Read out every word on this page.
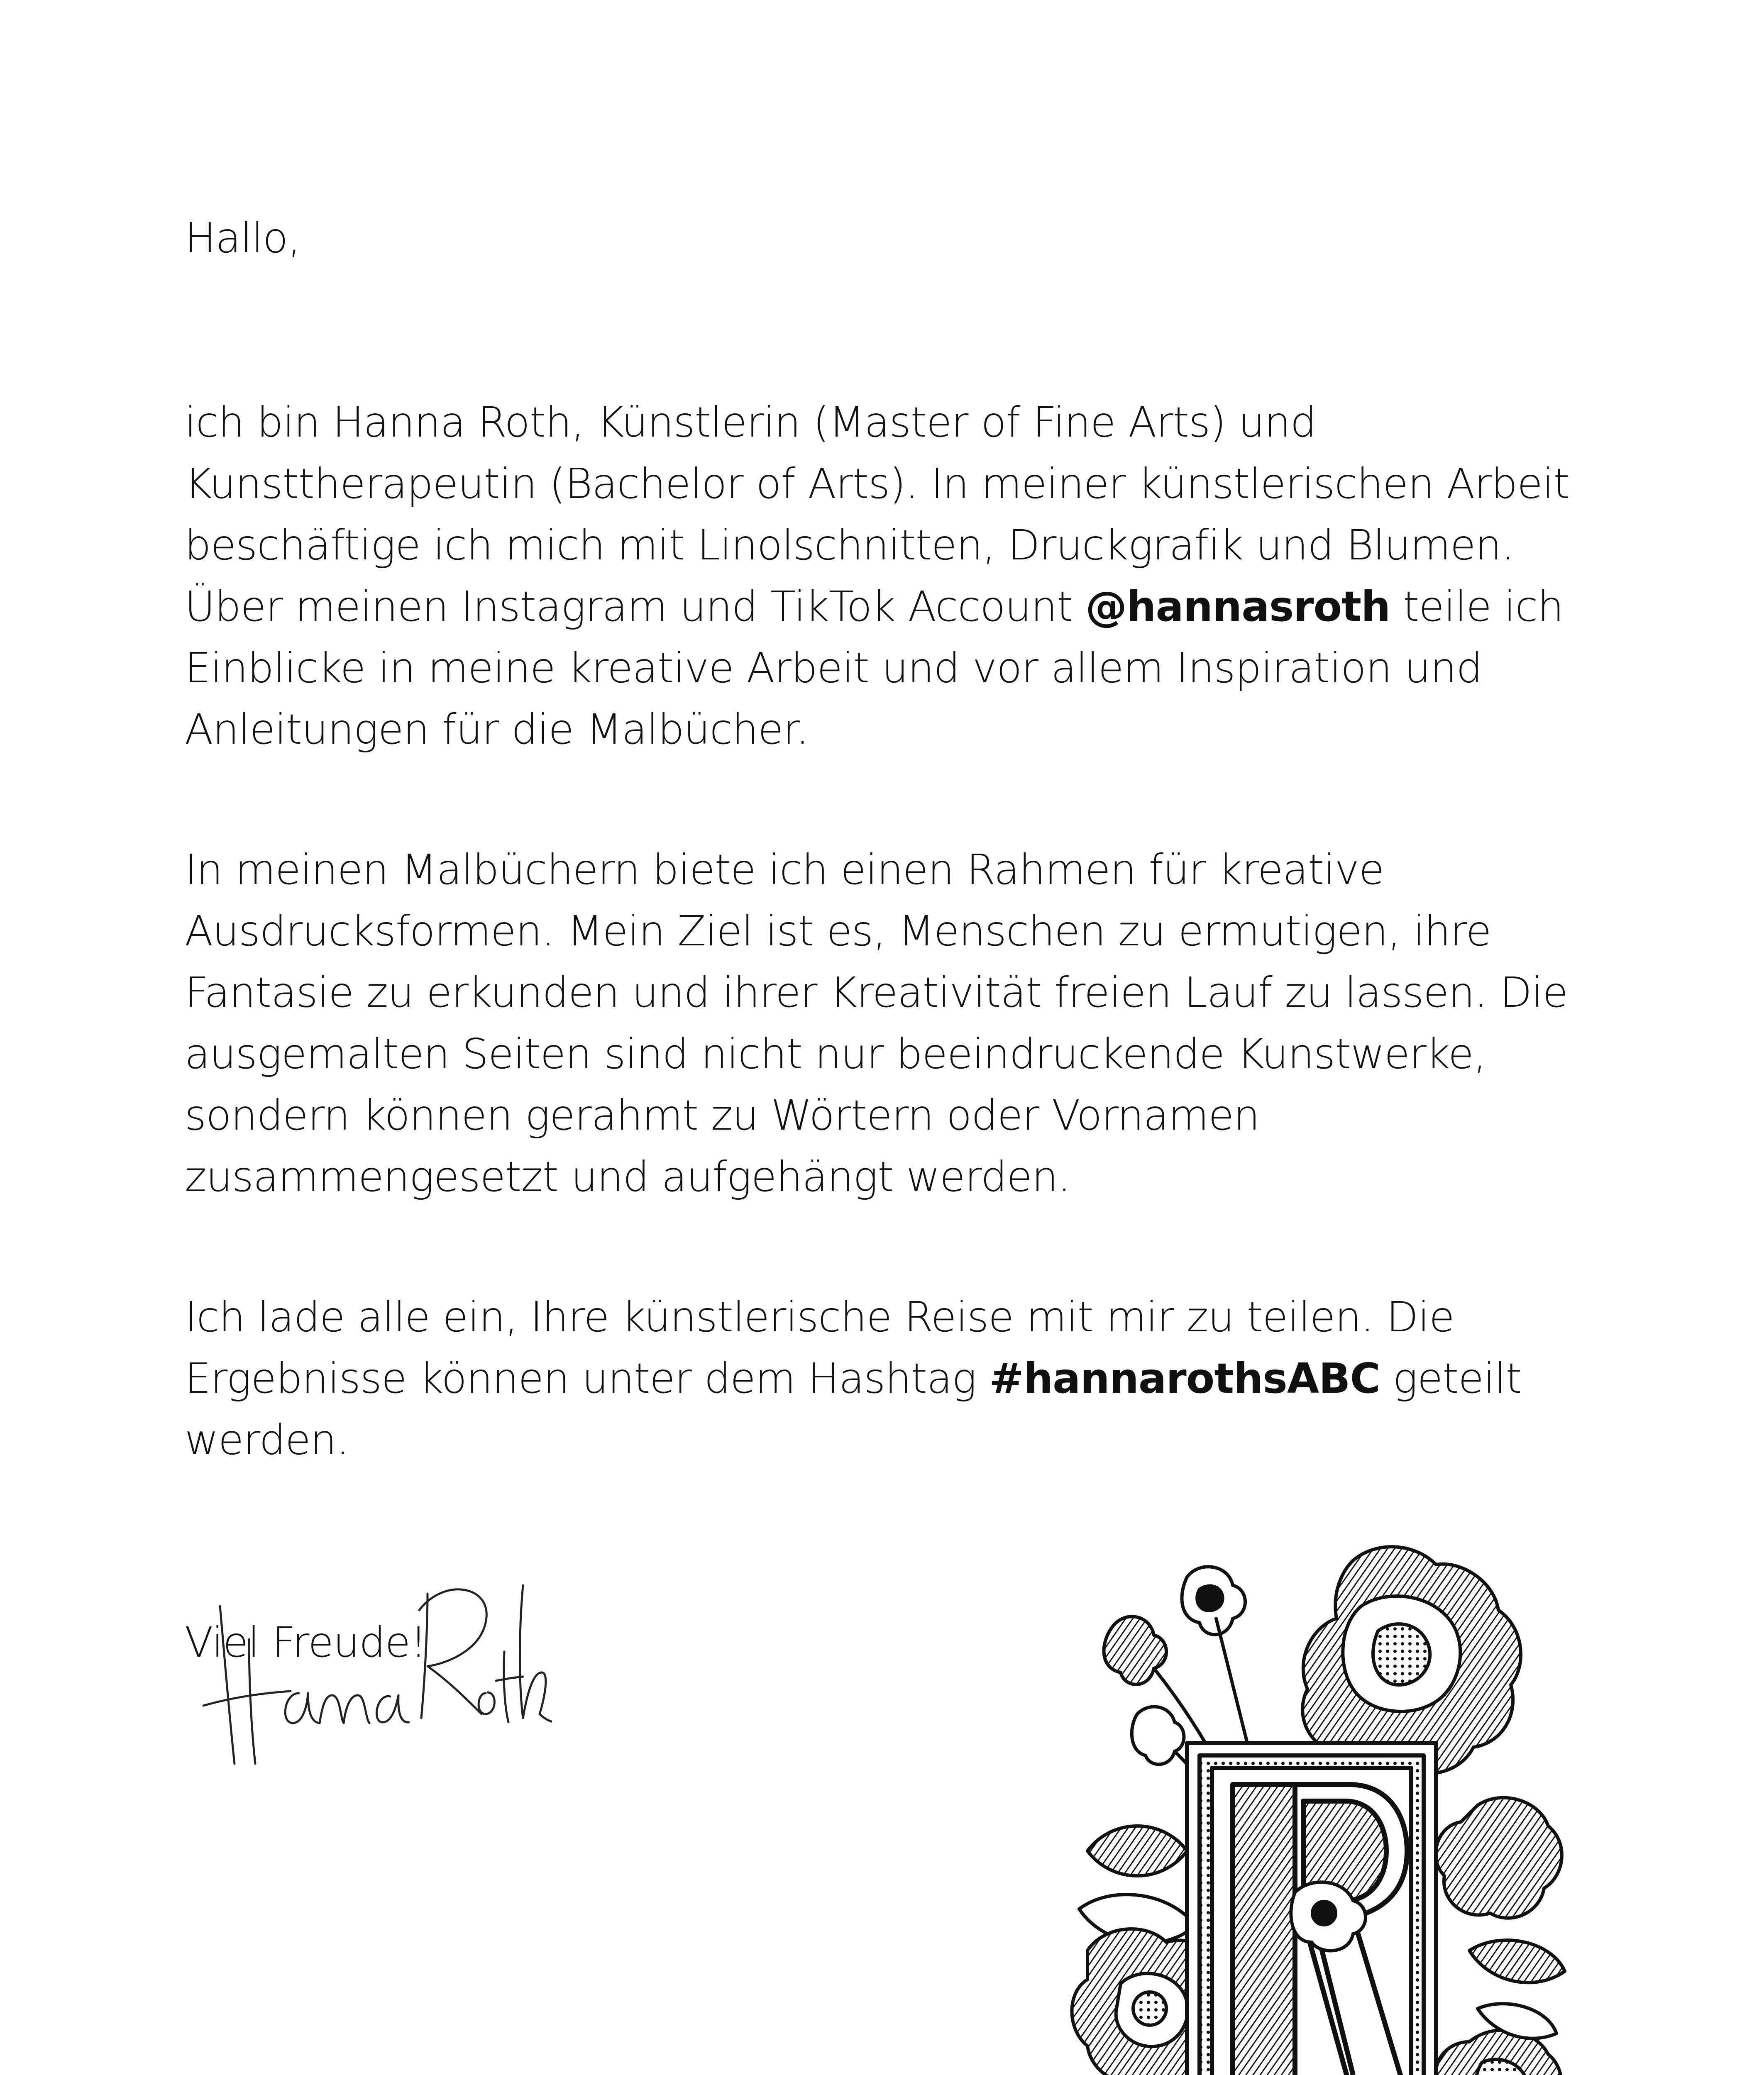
Hallo,

ich bin Hanna Roth, Künstlerin (Master of Fine Arts) und Kunsttherapeutin (Bachelor of Arts). In meiner künstlerischen Arbeit beschäftige ich mich mit Linolschnitten, Druckgrafik und Blumen. Über meinen Instagram und TikTok Account @hannasroth teile ich Einblicke in meine kreative Arbeit und vor allem Inspiration und Anleitungen für die Malbücher.

In meinen Malbüchern biete ich einen Rahmen für kreative Ausdrucksformen. Mein Ziel ist es, Menschen zu ermutigen, ihre Fantasie zu erkunden und ihrer Kreativität freien Lauf zu lassen. Die ausgemalten Seiten sind nicht nur beeindruckende Kunstwerke, sondern können gerahmt zu Wörtern oder Vornamen zusammengesetzt und aufgehängt werden.

Ich lade alle ein, Ihre künstlerische Reise mit mir zu teilen. Die Ergebnisse können unter dem Hashtag #hannarothsABC geteilt werden.

Viel Freude!
